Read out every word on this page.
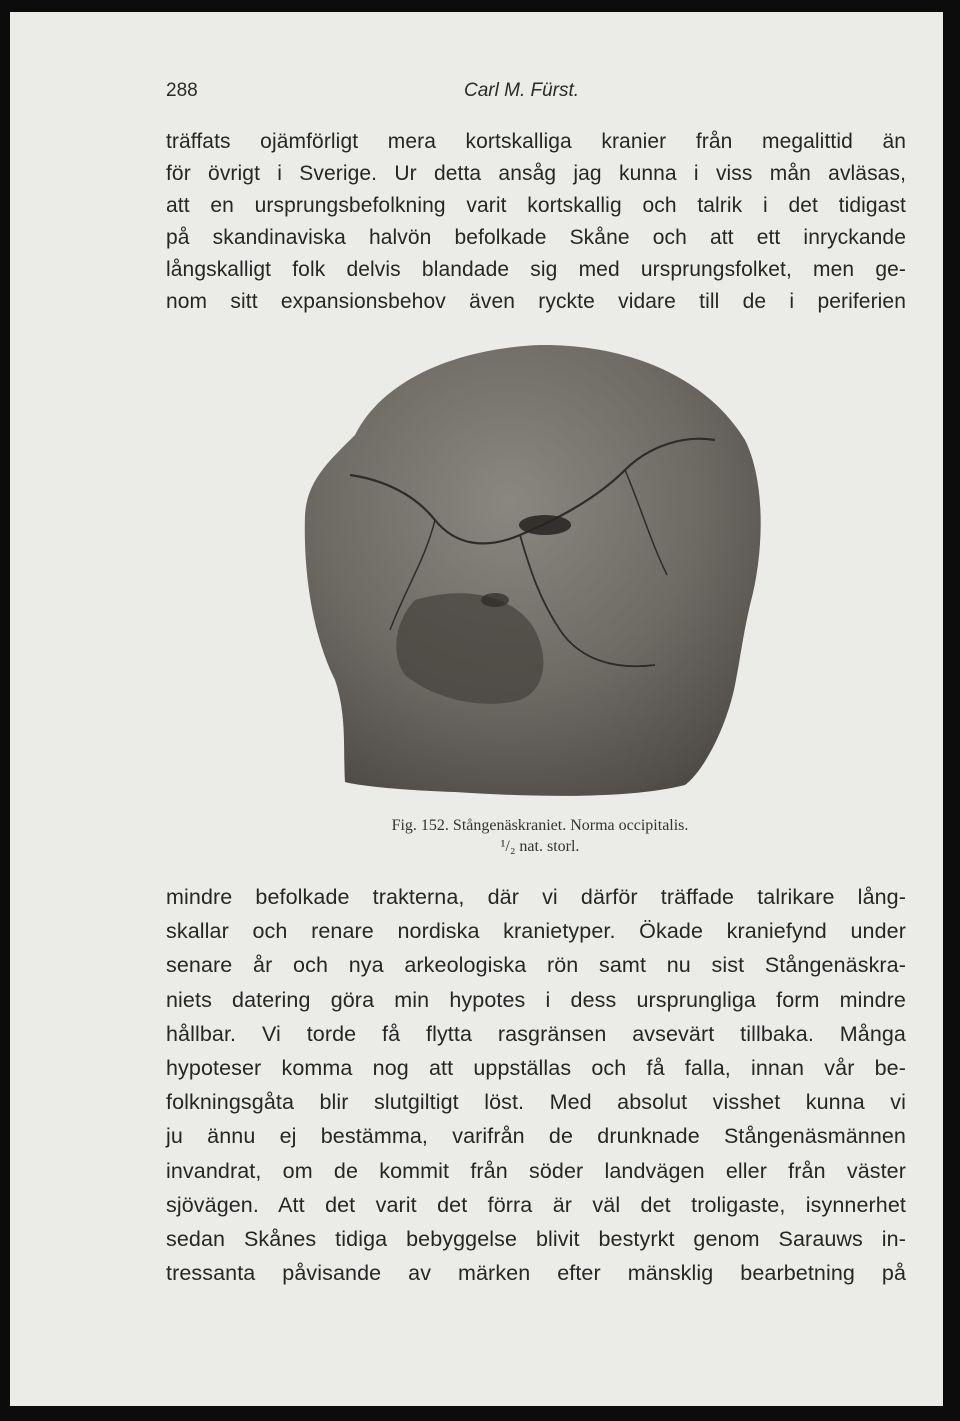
288	Carl M. Fürst.
träffats ojämförligt mera kortskalliga kranier från megalittid än
för övrigt i Sverige. Ur detta ansåg jag kunna i viss mån avläsas,
att en ursprungsbefolkning varit kortskallig och talrik i det tidigast
på skandinaviska halvön befolkade Skåne och att ett inryckande
långskalligt folk delvis blandade sig med ursprungsfolket, men ge-
nom sitt expansionsbehov även ryckte vidare till de i periferien
Fig. 152. Stångenäskraniet. Norma occipitalis.
¹/₂ nat. storl.
mindre befolkade trakterna, där vi därför träffade talrikare lång-
skallar och renare nordiska kranietyper. Ökade kraniefynd under
senare år och nya arkeologiska rön samt nu sist Stångenäskra-
niets datering göra min hypotes i dess ursprungliga form mindre
hållbar. Vi torde få flytta rasgränsen avsevärt tillbaka. Många
hypoteser komma nog att uppställas och få falla, innan vår be-
folkningsgåta blir slutgiltigt löst. Med absolut visshet kunna vi
ju ännu ej bestämma, varifrån de drunknade Stångenäsmännen
invandrat, om de kommit från söder landvägen eller från väster
sjövägen. Att det varit det förra är väl det troligaste, isynnerhet
sedan Skånes tidiga bebyggelse blivit bestyrkt genom Sarauws in-
tressanta påvisande av märken efter mänsklig bearbetning på
